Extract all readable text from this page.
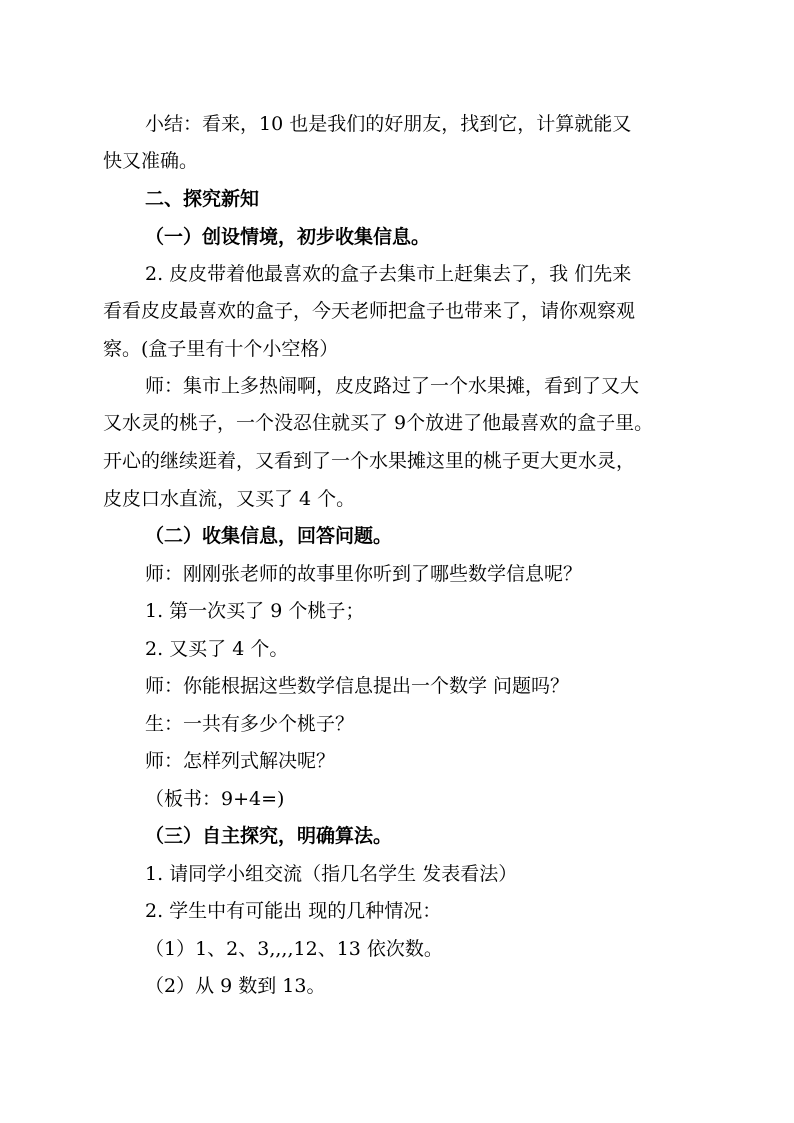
小结：看来，10 也是我们的好朋友，找到它，计算就能又
快又准确。
二、探究新知
（一）创设情境，初步收集信息。
2. 皮皮带着他最喜欢的盒子去集市上赶集去了，我 们先来
看看皮皮最喜欢的盒子，今天老师把盒子也带来了，请你观察观
察。(盒子里有十个小空格）
师：集市上多热闹啊，皮皮路过了一个水果摊，看到了又大
又水灵的桃子，一个没忍住就买了 9个放进了他最喜欢的盒子里。
开心的继续逛着，又看到了一个水果摊这里的桃子更大更水灵，
皮皮口水直流，又买了 4 个。
（二）收集信息，回答问题。
师：刚刚张老师的故事里你听到了哪些数学信息呢？
1. 第一次买了 9 个桃子；
2. 又买了 4 个。
师：你能根据这些数学信息提出一个数学 问题吗？
生：一共有多少个桃子？
师：怎样列式解决呢？
（板书：9+4=)
（三）自主探究，明确算法。
1. 请同学小组交流（指几名学生 发表看法）
2. 学生中有可能出 现的几种情况：
（1）1、2、3,,,,12、13 依次数。
（2）从 9 数到 13。
